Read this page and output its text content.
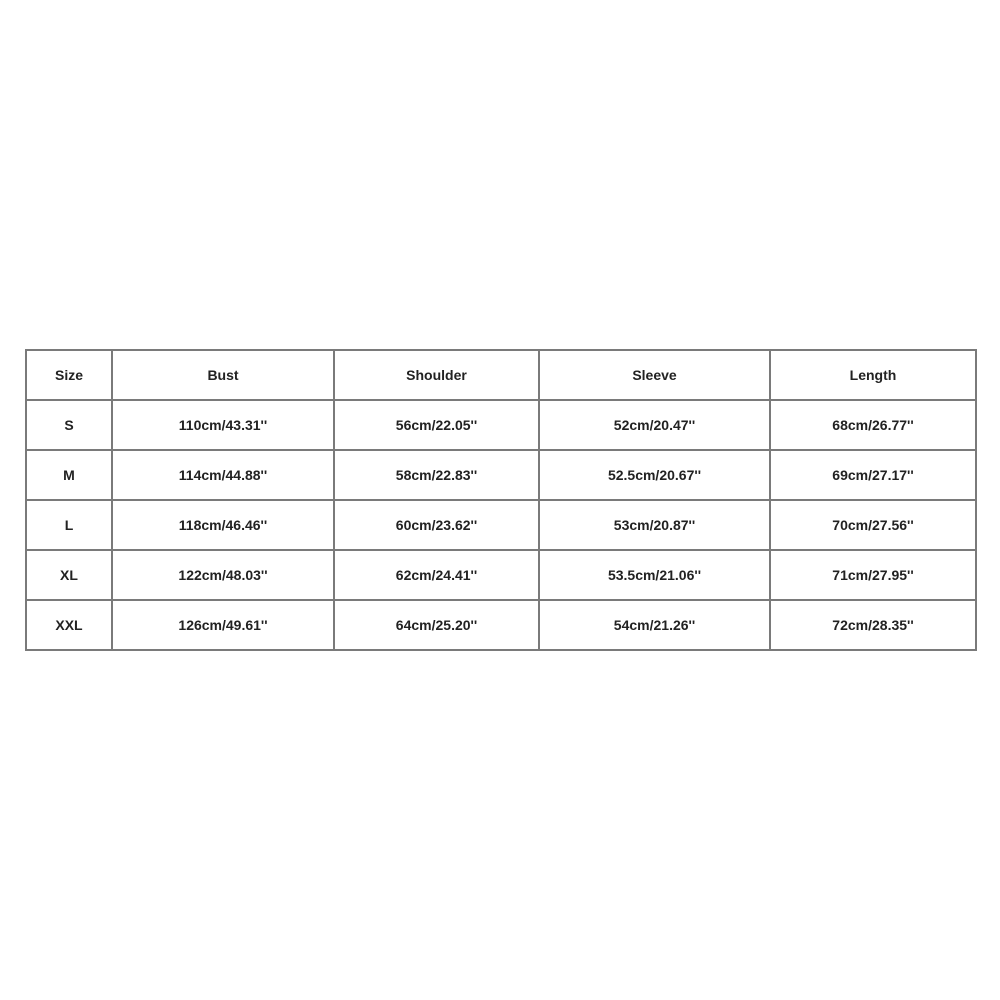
Size	Bust	Shoulder	Sleeve	Length
S	110cm/43.31''	56cm/22.05''	52cm/20.47''	68cm/26.77''
M	114cm/44.88''	58cm/22.83''	52.5cm/20.67''	69cm/27.17''
L	118cm/46.46''	60cm/23.62''	53cm/20.87''	70cm/27.56''
XL	122cm/48.03''	62cm/24.41''	53.5cm/21.06''	71cm/27.95''
XXL	126cm/49.61''	64cm/25.20''	54cm/21.26''	72cm/28.35''
